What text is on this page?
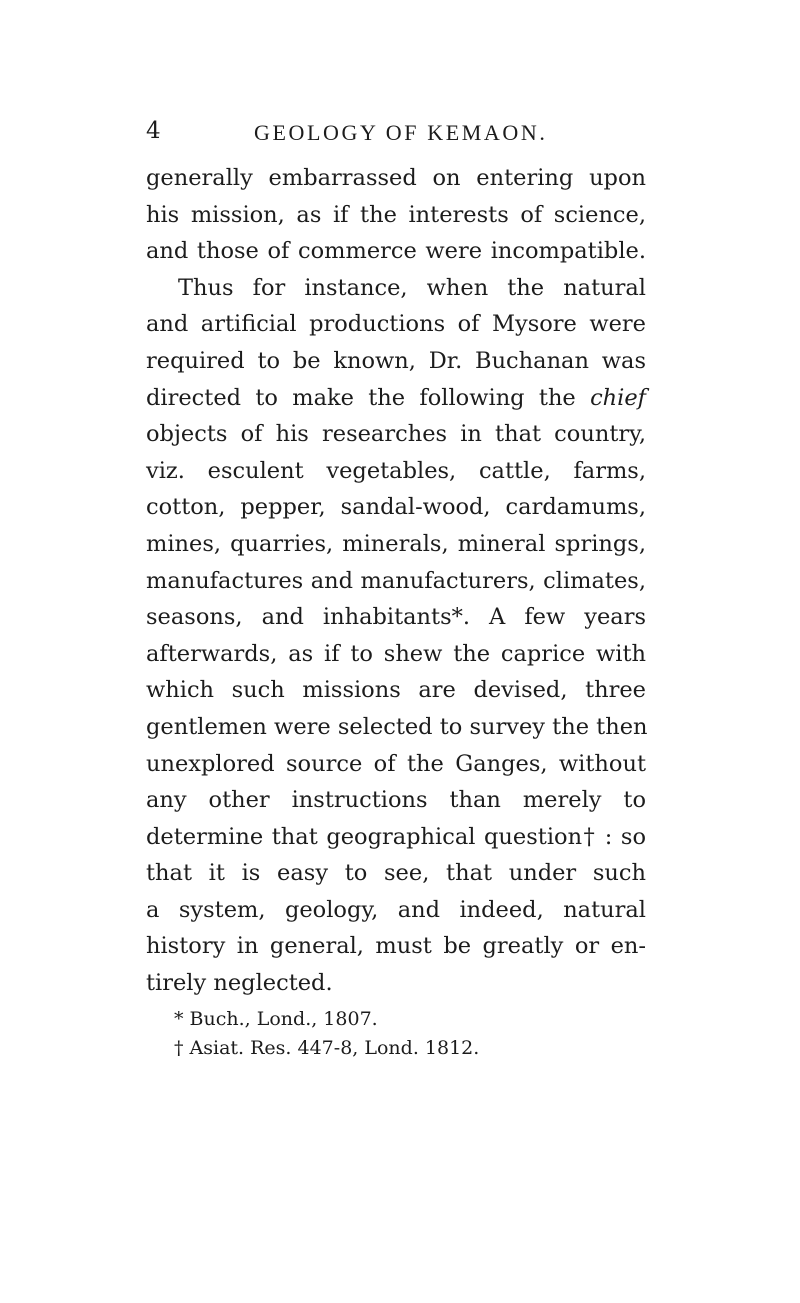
4	GEOLOGY OF KEMAON.
generally embarrassed on entering upon
his mission, as if the interests of science,
and those of commerce were incompatible.
Thus for instance, when the natural
and artificial productions of Mysore were
required to be known, Dr. Buchanan was
directed to make the following the chief
objects of his researches in that country,
viz. esculent vegetables, cattle, farms,
cotton, pepper, sandal-wood, cardamums,
mines, quarries, minerals, mineral springs,
manufactures and manufacturers, climates,
seasons, and inhabitants*. A few years
afterwards, as if to shew the caprice with
which such missions are devised, three
gentlemen were selected to survey the then
unexplored source of the Ganges, without
any other instructions than merely to
determine that geographical question† : so
that it is easy to see, that under such
a system, geology, and indeed, natural
history in general, must be greatly or en-
tirely neglected.
* Buch., Lond., 1807.
† Asiat. Res. 447-8, Lond. 1812.
